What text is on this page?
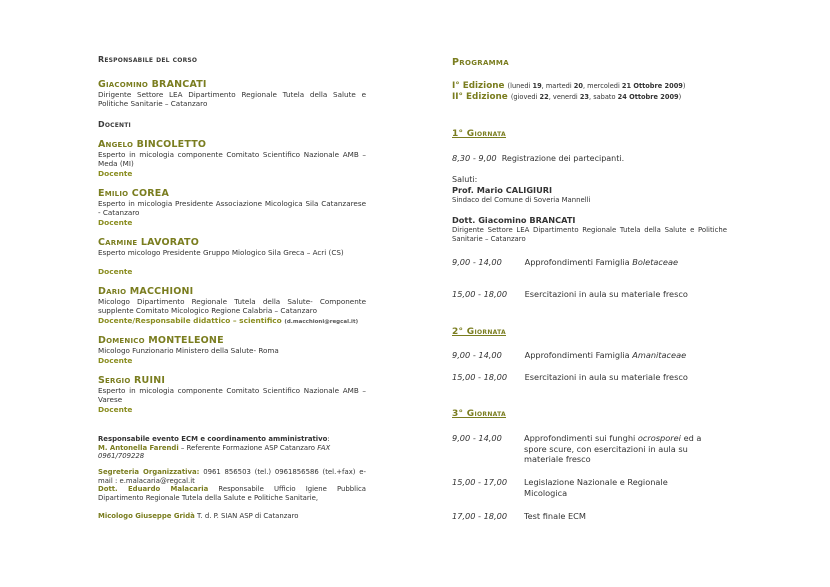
Responsabile del corso
Giacomino BRANCATI
Dirigente Settore LEA Dipartimento Regionale Tutela della Salute e Politiche Sanitarie – Catanzaro
Docenti
Angelo BINCOLETTO
Esperto in micologia componente Comitato Scientifico Nazionale AMB – Meda (MI)
Docente
Emilio COREA
Esperto in micologia Presidente Associazione Micologica Sila Catanzarese - Catanzaro
Docente
Carmine LAVORATO
Esperto micologo Presidente Gruppo Miologico Sila Greca – Acri (CS)
Docente
Dario MACCHIONI
Micologo Dipartimento Regionale Tutela della Salute- Componente supplente Comitato Micologico Regione Calabria – Catanzaro
Docente/Responsabile didattico – scientifico (d.macchioni@regcal.it)
Domenico MONTELEONE
Micologo Funzionario Ministero della Salute- Roma
Docente
Sergio RUINI
Esperto in micologia componente Comitato Scientifico Nazionale AMB – Varese
Docente
Responsabile evento ECM e coordinamento amministrativo:
M. Antonella Farendi – Referente Formazione ASP Catanzaro FAX
0961/709228
Segreteria Organizzativa: 0961 856503 (tel.) 0961856586 (tel.+fax) e-mail : e.malacaria@regcal.it
Dott. Eduardo Malacaria Responsabile Ufficio Igiene Pubblica Dipartimento Regionale Tutela della Salute e Politiche Sanitarie,
Micologo Giuseppe Gridà T. d. P. SIAN ASP di Catanzaro
Programma
I° Edizione (lunedi 19, martedi 20, mercoledi 21 Ottobre 2009)
II° Edizione (giovedi 22, venerdi 23, sabato 24 Ottobre 2009)
1° Giornata
8,30 - 9,00 Registrazione dei partecipanti.
Saluti:
Prof. Mario CALIGIURI
Sindaco del Comune di Soveria Mannelli
Dott. Giacomino BRANCATI
Dirigente Settore LEA Dipartimento Regionale Tutela della Salute e Politiche Sanitarie – Catanzaro
9,00 - 14,00	Approfondimenti Famiglia Boletaceae
15,00 - 18,00 Esercitazioni in aula su materiale fresco
2° Giornata
9,00 - 14,00	Approfondimenti Famiglia Amanitaceae
15,00 - 18,00 Esercitazioni in aula su materiale fresco
3° Giornata
9,00 - 14,00	Approfondimenti sui funghi ocrosporei ed a spore scure, con esercitazioni in aula su materiale fresco
15,00 - 17,00 Legislazione Nazionale e Regionale Micologica
17,00 - 18,00 Test finale ECM
